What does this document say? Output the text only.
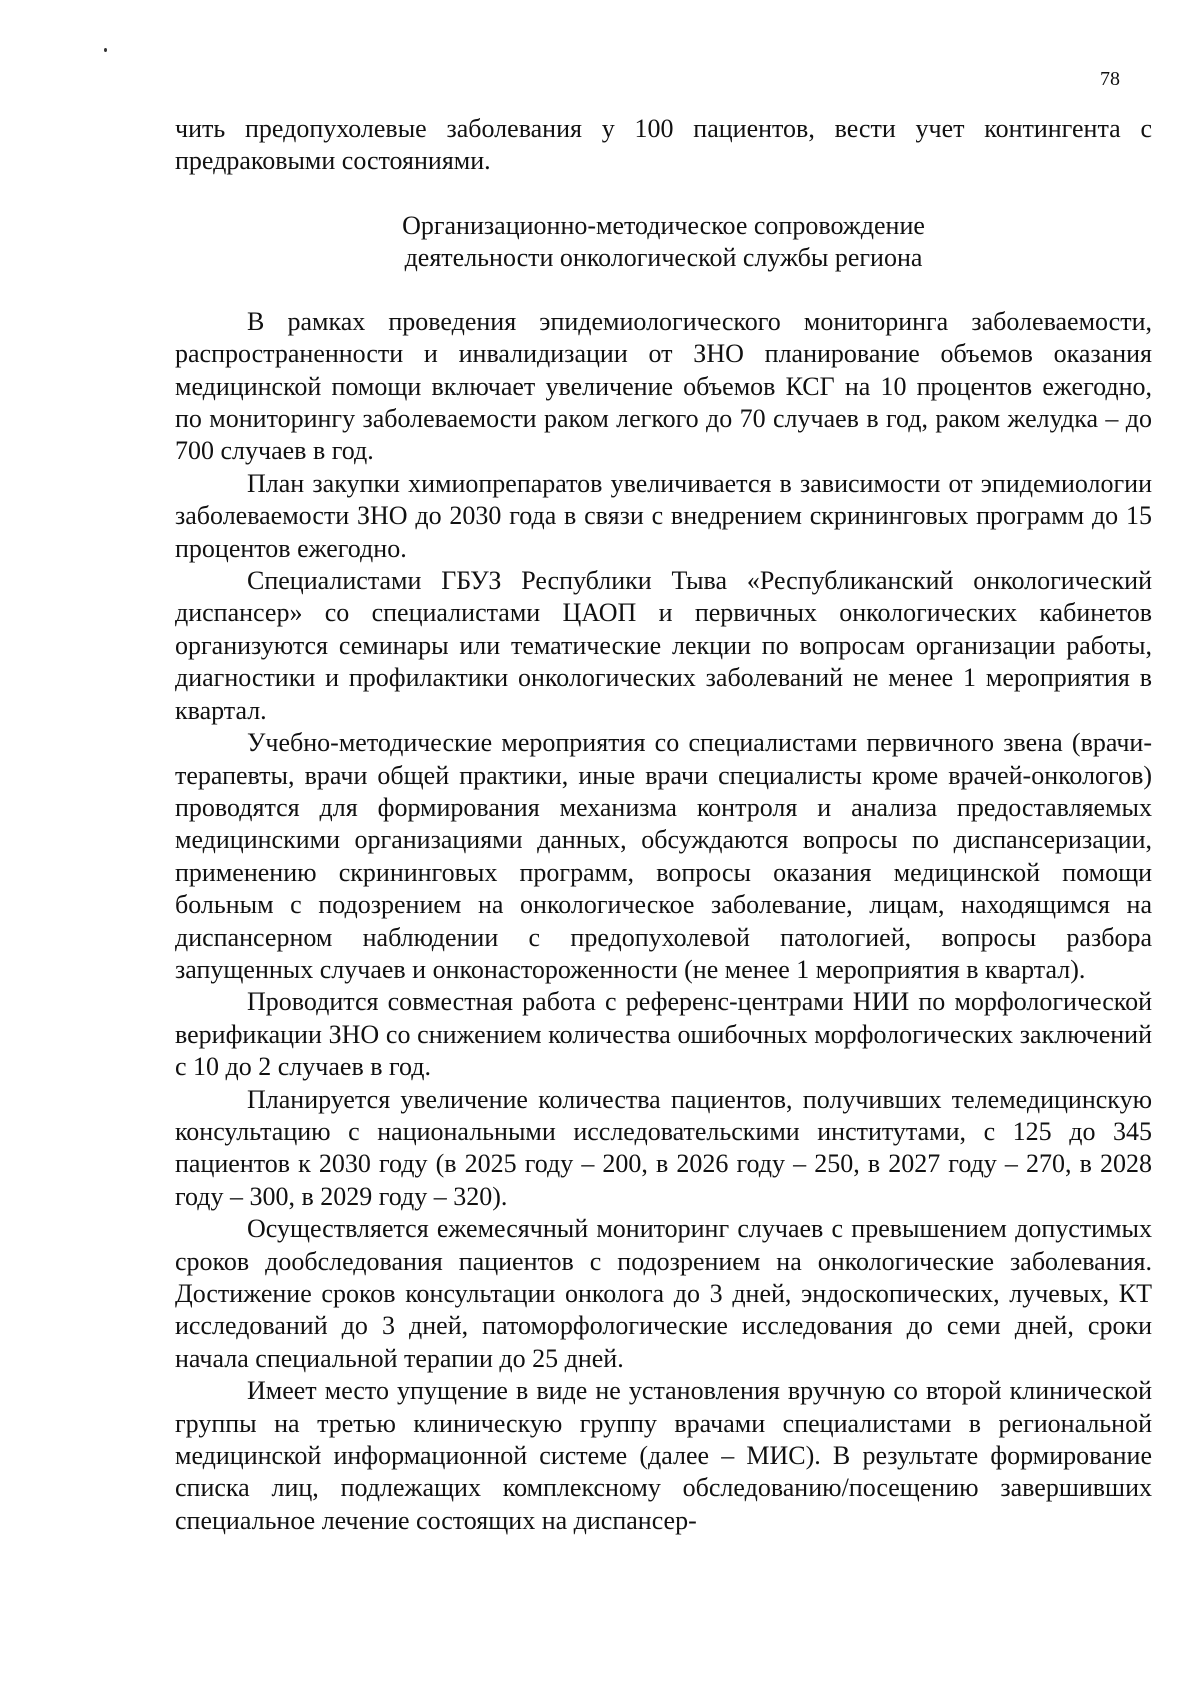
78

чить предопухолевые заболевания у 100 пациентов, вести учет контингента с предраковыми состояниями.

Организационно-методическое сопровождение
деятельности онкологической службы региона

В рамках проведения эпидемиологического мониторинга заболеваемости, распространенности и инвалидизации от ЗНО планирование объемов оказания медицинской помощи включает увеличение объемов КСГ на 10 процентов ежегодно, по мониторингу заболеваемости раком легкого до 70 случаев в год, раком желудка – до 700 случаев в год.

План закупки химиопрепаратов увеличивается в зависимости от эпидемиологии заболеваемости ЗНО до 2030 года в связи с внедрением скрининговых программ до 15 процентов ежегодно.

Специалистами ГБУЗ Республики Тыва «Республиканский онкологический диспансер» со специалистами ЦАОП и первичных онкологических кабинетов организуются семинары или тематические лекции по вопросам организации работы, диагностики и профилактики онкологических заболеваний не менее 1 мероприятия в квартал.

Учебно-методические мероприятия со специалистами первичного звена (врачи-терапевты, врачи общей практики, иные врачи специалисты кроме врачей-онкологов) проводятся для формирования механизма контроля и анализа предоставляемых медицинскими организациями данных, обсуждаются вопросы по диспансеризации, применению скрининговых программ, вопросы оказания медицинской помощи больным с подозрением на онкологическое заболевание, лицам, находящимся на диспансерном наблюдении с предопухолевой патологией, вопросы разбора запущенных случаев и онконастороженности (не менее 1 мероприятия в квартал).

Проводится совместная работа с референс-центрами НИИ по морфологической верификации ЗНО со снижением количества ошибочных морфологических заключений с 10 до 2 случаев в год.

Планируется увеличение количества пациентов, получивших телемедицинскую консультацию с национальными исследовательскими институтами, с 125 до 345 пациентов к 2030 году (в 2025 году – 200, в 2026 году – 250, в 2027 году – 270, в 2028 году – 300, в 2029 году – 320).

Осуществляется ежемесячный мониторинг случаев с превышением допустимых сроков дообследования пациентов с подозрением на онкологические заболевания. Достижение сроков консультации онколога до 3 дней, эндоскопических, лучевых, КТ исследований до 3 дней, патоморфологические исследования до семи дней, сроки начала специальной терапии до 25 дней.

Имеет место упущение в виде не установления вручную со второй клинической группы на третью клиническую группу врачами специалистами в региональной медицинской информационной системе (далее – МИС). В результате формирование списка лиц, подлежащих комплексному обследованию/посещению завершивших специальное лечение состоящих на диспансер-
